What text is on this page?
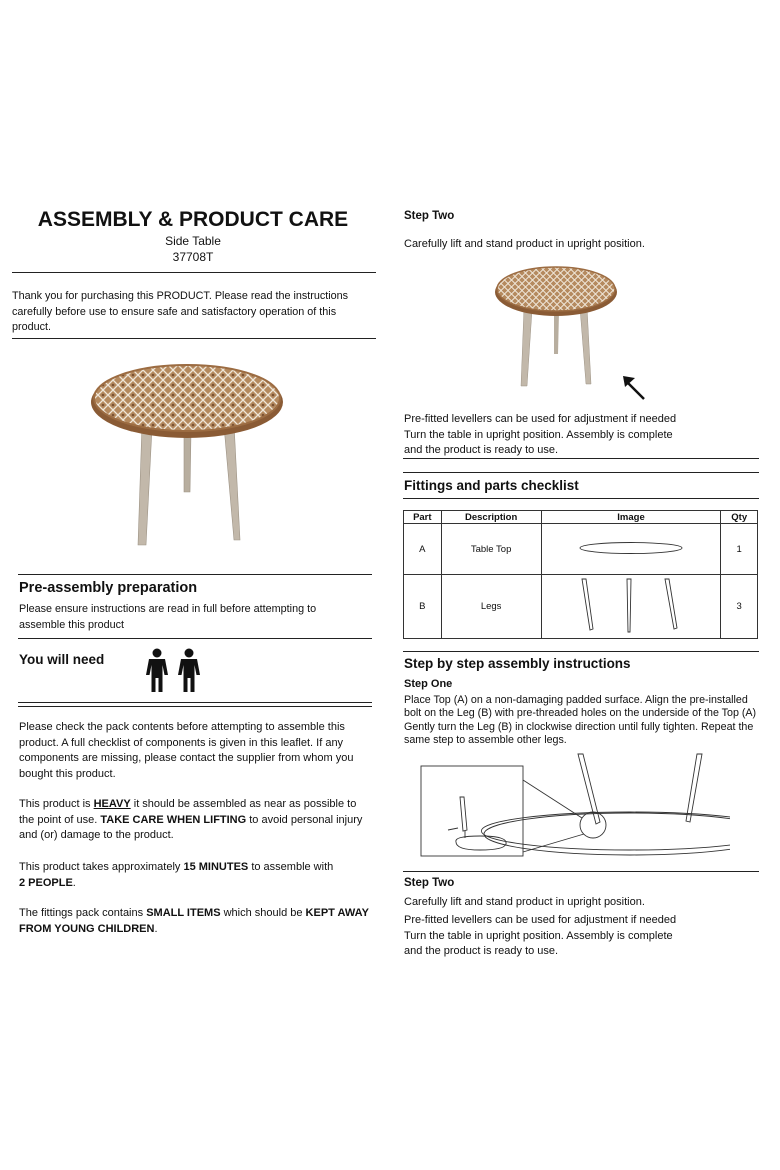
ASSEMBLY & PRODUCT CARE
Side Table
37708T
Thank you for purchasing this PRODUCT. Please read the instructions carefully before use to ensure safe and satisfactory operation of this product.
Pre-assembly preparation
Please ensure instructions are read in full before attempting to assemble this product
You will need
Please check the pack contents before attempting to assemble this product. A full checklist of components is given in this leaflet. If any components are missing, please contact the supplier from whom you bought this product.
This product is HEAVY it should be assembled as near as possible to the point of use. TAKE CARE WHEN LIFTING to avoid personal injury and (or) damage to the product.
This product takes approximately 15 MINUTES to assemble with
2 PEOPLE.
The fittings pack contains SMALL ITEMS which should be KEPT AWAY FROM YOUNG CHILDREN.
Step Two
Carefully lift and stand product in upright position.
Pre-fitted levellers can be used for adjustment if needed Turn the table in upright position. Assembly is complete and the product is ready to use.
Fittings and parts checklist
Part	Description	Image	Qty
A	Table Top		1
B	Legs		3
Step by step assembly instructions
Step One
Place Top (A) on a non-damaging padded surface. Align the pre-installed bolt on the Leg (B) with pre-threaded holes on the underside of the Top (A) Gently turn the Leg (B) in clockwise direction until fully tighten. Repeat the same step to assemble other legs.
Step Two
Carefully lift and stand product in upright position.
Pre-fitted levellers can be used for adjustment if needed Turn the table in upright position. Assembly is complete and the product is ready to use.
